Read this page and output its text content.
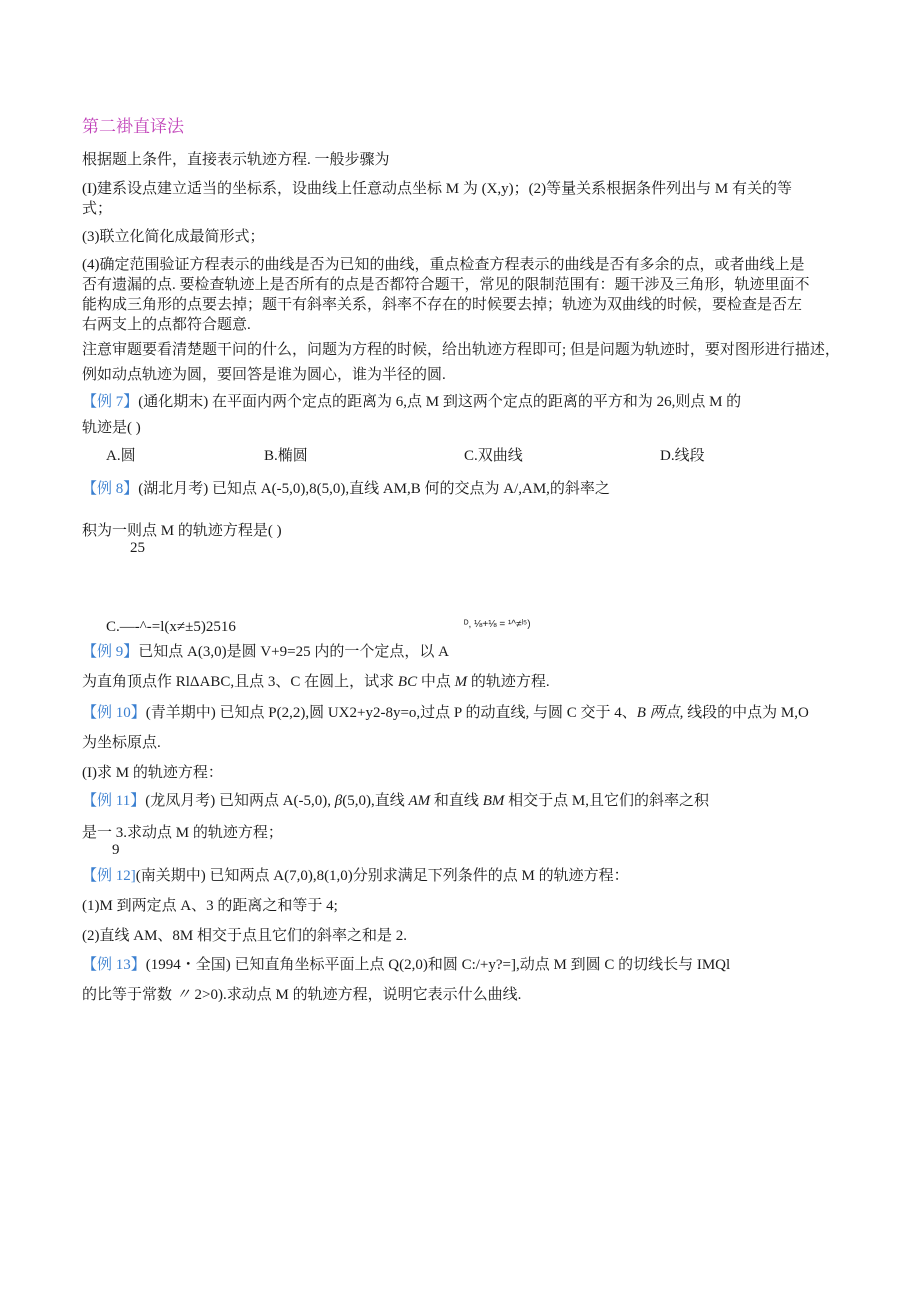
第二褂直译法
根据题上条件，直接表示轨迹方程. 一般步骤为
(I)建系设点建立适当的坐标系，设曲线上任意动点坐标 M 为 (X,y)；(2)等量关系根据条件列出与 M 有关的等
式；
(3)联立化简化成最简形式；
(4)确定范围验证方程表示的曲线是否为已知的曲线，重点检查方程表示的曲线是否有多余的点，或者曲线上是
否有遗漏的点. 要检查轨迹上是否所有的点是否都符合题干，常见的限制范围有：题干涉及三角形，轨迹里面不
能构成三角形的点要去掉；题干有斜率关系，斜率不存在的时候要去掉；轨迹为双曲线的时候，要检查是否左
右两支上的点都符合题意.
注意审题要看清楚题干问的什么，问题为方程的时候，给出轨迹方程即可; 但是问题为轨迹时，要对图形进行描述，
例如动点轨迹为圆，要回答是谁为圆心，谁为半径的圆.
【例 7】(通化期末) 在平面内两个定点的距离为 6,点 M 到这两个定点的距离的平方和为 26,则点 M 的
轨迹是( )
A.圆	B.椭圆	C.双曲线	D.线段
【例 8】(湖北月考) 已知点 A(-5,0),8(5,0),直线 AM,B 何的交点为 A/,AM,的斜率之
积为一则点 M 的轨迹方程是( )
25
C.—-^-=l(x≠±5)2516	ᴰ, ⅛+⅛ = ¹^≠ˡ⁵)
【例 9】已知点 A(3,0)是圆 V+9=25 内的一个定点，以 A
为直角顶点作 RlΔABC,且点 3、C 在圆上，试求 BC 中点 M 的轨迹方程.
【例 10】(青羊期中) 已知点 P(2,2),圆 UX2+y2-8y=o,过点 P 的动直线, 与圆 C 交于 4、B 两点, 线段的中点为 M,O
为坐标原点.
(I)求 M 的轨迹方程：
【例 11】(龙凤月考) 已知两点 A(-5,0), β(5,0),直线 AM 和直线 BM 相交于点 M,且它们的斜率之积
是一 3.求动点 M 的轨迹方程；
9
【例 12](南关期中) 已知两点 A(7,0),8(1,0)分别求满足下列条件的点 M 的轨迹方程：
(1)M 到两定点 A、3 的距离之和等于 4;
(2)直线 AM、8M 相交于点且它们的斜率之和是 2.
【例 13】(1994・全国) 已知直角坐标平面上点 Q(2,0)和圆 C:/+y?=],动点 M 到圆 C 的切线长与 IMQl
的比等于常数 〃 2>0).求动点 M 的轨迹方程，说明它表示什么曲线.
